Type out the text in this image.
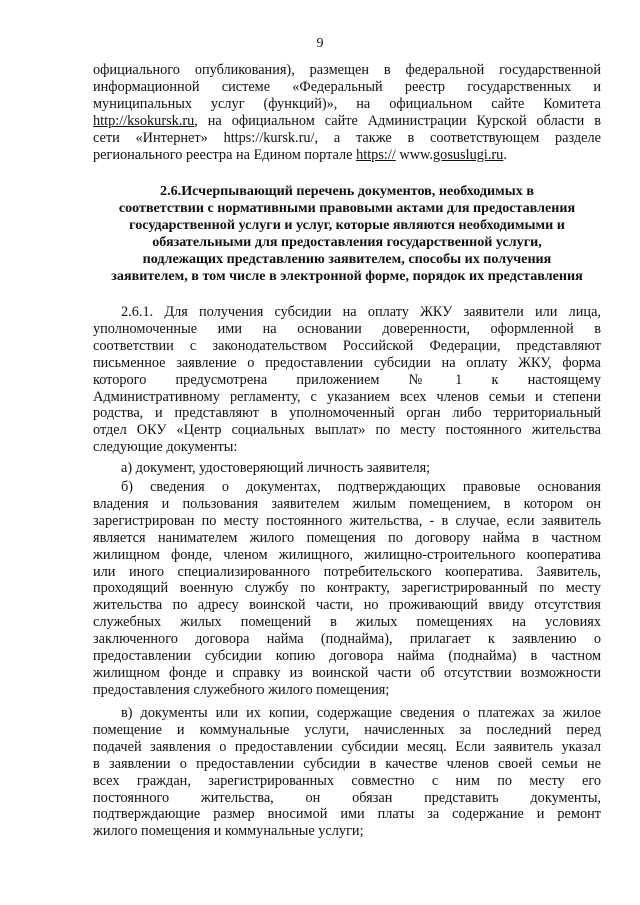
9
официального опубликования), размещен в федеральной государственной
информационной системе «Федеральный реестр государственных и
муниципальных услуг (функций)», на официальном сайте Комитета
http://ksokursk.ru, на официальном сайте Администрации Курской области в
сети «Интернет» https://kursk.ru/, а также в соответствующем разделе
регионального реестра на Едином портале https:// www.gosuslugi.ru.
2.6.Исчерпывающий перечень документов, необходимых в
соответствии с нормативными правовыми актами для предоставления
государственной услуги и услуг, которые являются необходимыми и
обязательными для предоставления государственной услуги,
подлежащих представлению заявителем, способы их получения
заявителем, в том числе в электронной форме, порядок их представления
2.6.1. Для получения субсидии на оплату ЖКУ заявители или лица,
уполномоченные ими на основании доверенности, оформленной в
соответствии с законодательством Российской Федерации, представляют
письменное заявление о предоставлении субсидии на оплату ЖКУ, форма
которого предусмотрена приложением № 1 к настоящему
Административному регламенту, с указанием всех членов семьи и степени
родства, и представляют в уполномоченный орган либо территориальный
отдел ОКУ «Центр социальных выплат» по месту постоянного жительства
следующие документы:
а) документ, удостоверяющий личность заявителя;
б) сведения о документах, подтверждающих правовые основания
владения и пользования заявителем жилым помещением, в котором он
зарегистрирован по месту постоянного жительства, - в случае, если заявитель
является нанимателем жилого помещения по договору найма в частном
жилищном фонде, членом жилищного, жилищно-строительного кооператива
или иного специализированного потребительского кооператива. Заявитель,
проходящий военную службу по контракту, зарегистрированный по месту
жительства по адресу воинской части, но проживающий ввиду отсутствия
служебных жилых помещений в жилых помещениях на условиях
заключенного договора найма (поднайма), прилагает к заявлению о
предоставлении субсидии копию договора найма (поднайма) в частном
жилищном фонде и справку из воинской части об отсутствии возможности
предоставления служебного жилого помещения;
в) документы или их копии, содержащие сведения о платежах за жилое
помещение и коммунальные услуги, начисленных за последний перед
подачей заявления о предоставлении субсидии месяц. Если заявитель указал
в заявлении о предоставлении субсидии в качестве членов своей семьи не
всех граждан, зарегистрированных совместно с ним по месту его
постоянного жительства, он обязан представить документы,
подтверждающие размер вносимой ими платы за содержание и ремонт
жилого помещения и коммунальные услуги;
